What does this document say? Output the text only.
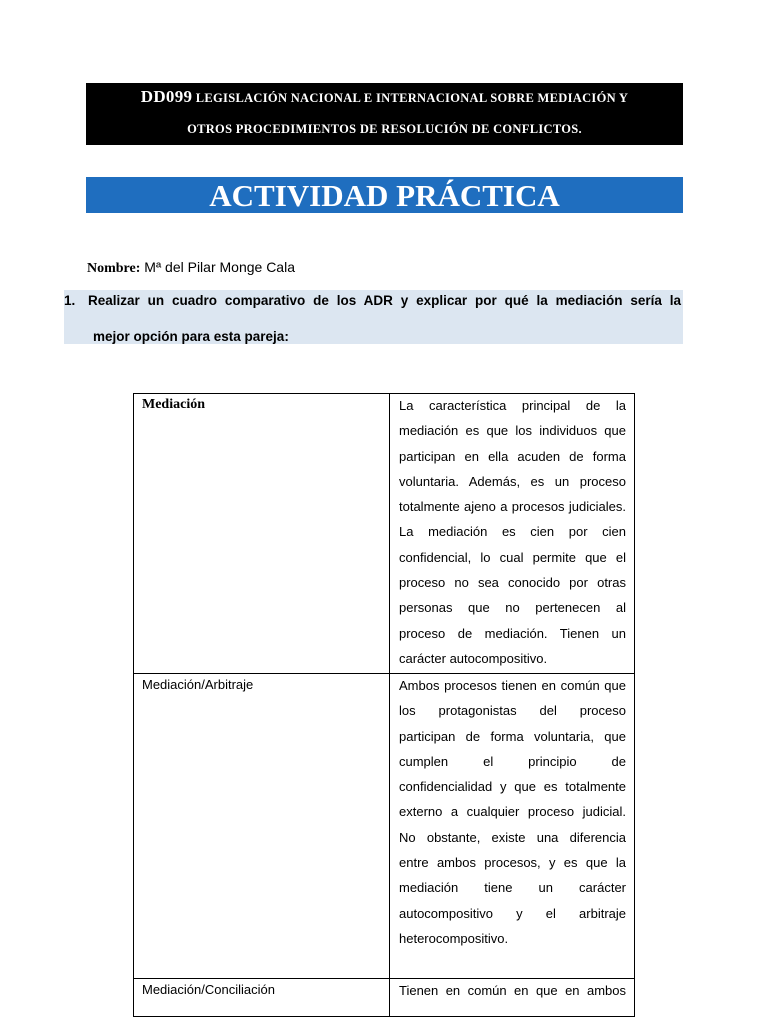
DD099 LEGISLACIÓN NACIONAL E INTERNACIONAL SOBRE MEDIACIÓN Y
OTROS PROCEDIMIENTOS DE RESOLUCIÓN DE CONFLICTOS.
ACTIVIDAD PRÁCTICA
Nombre: Mª del Pilar Monge Cala
1. Realizar un cuadro comparativo de los ADR y explicar por qué la mediación sería la
mejor opción para esta pareja:
Mediación	La característica principal de la mediación es que los individuos que participan en ella acuden de forma voluntaria. Además, es un proceso totalmente ajeno a procesos judiciales. La mediación es cien por cien confidencial, lo cual permite que el proceso no sea conocido por otras personas que no pertenecen al proceso de mediación. Tienen un carácter autocompositivo.

Mediación/Arbitraje	Ambos procesos tienen en común que los protagonistas del proceso participan de forma voluntaria, que cumplen el principio de confidencialidad y que es totalmente externo a cualquier proceso judicial. No obstante, existe una diferencia entre ambos procesos, y es que la mediación tiene un carácter autocompositivo y el arbitraje heterocompositivo.

Mediación/Conciliación	Tienen en común en que en ambos
